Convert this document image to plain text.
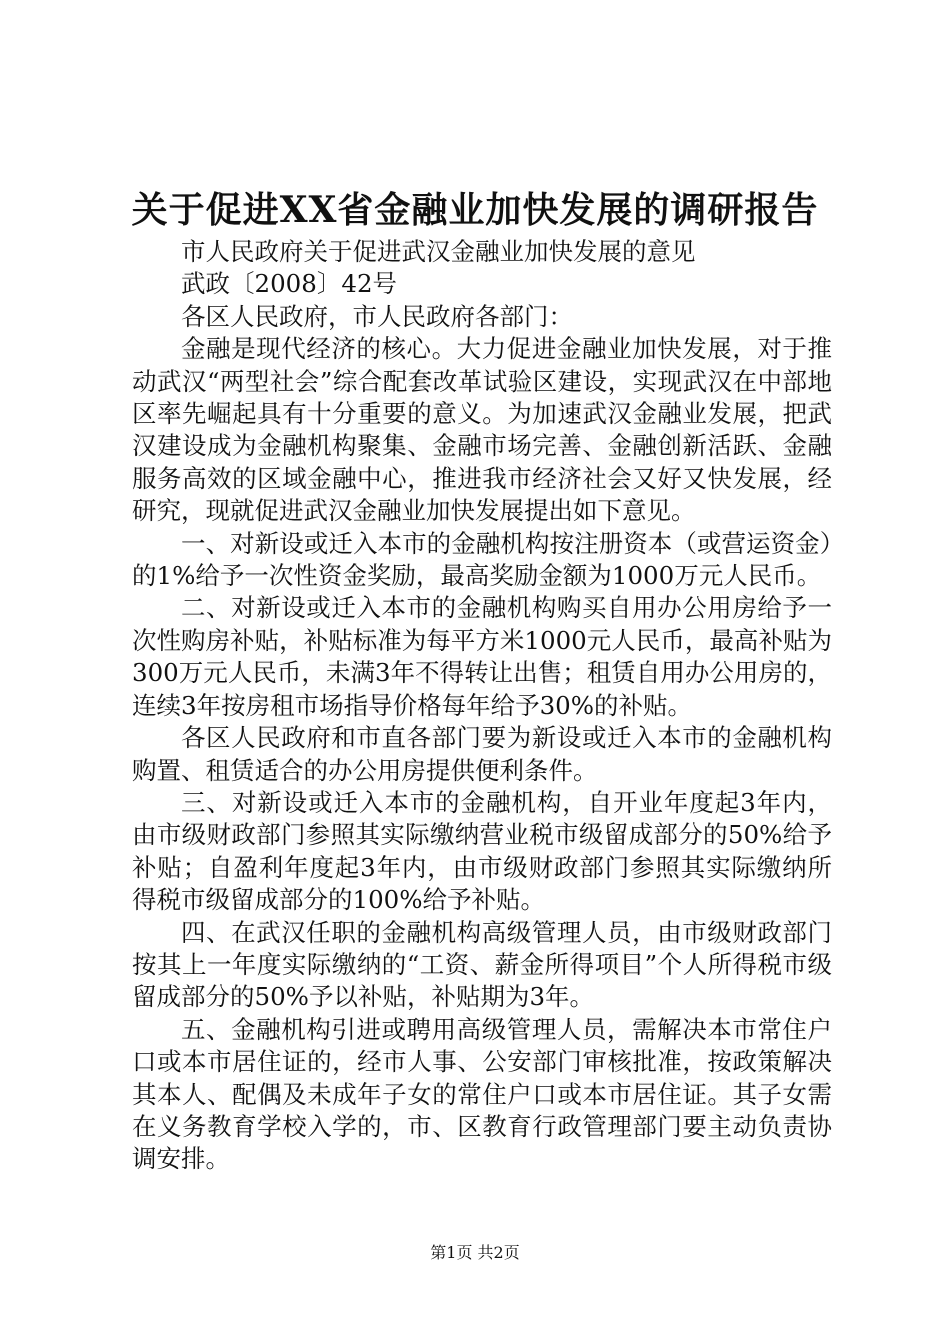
关于促进XX省金融业加快发展的调研报告

市人民政府关于促进武汉金融业加快发展的意见

武政〔2008〕42号

各区人民政府，市人民政府各部门：

金融是现代经济的核心。大力促进金融业加快发展，对于推动武汉“两型社会”综合配套改革试验区建设，实现武汉在中部地区率先崛起具有十分重要的意义。为加速武汉金融业发展，把武汉建设成为金融机构聚集、金融市场完善、金融创新活跃、金融服务高效的区域金融中心，推进我市经济社会又好又快发展，经研究，现就促进武汉金融业加快发展提出如下意见。

一、对新设或迁入本市的金融机构按注册资本（或营运资金）的1%给予一次性资金奖励，最高奖励金额为1000万元人民币。

二、对新设或迁入本市的金融机构购买自用办公用房给予一次性购房补贴，补贴标准为每平方米1000元人民币，最高补贴为300万元人民币，未满3年不得转让出售；租赁自用办公用房的，连续3年按房租市场指导价格每年给予30%的补贴。

各区人民政府和市直各部门要为新设或迁入本市的金融机构购置、租赁适合的办公用房提供便利条件。

三、对新设或迁入本市的金融机构，自开业年度起3年内，由市级财政部门参照其实际缴纳营业税市级留成部分的50%给予补贴；自盈利年度起3年内，由市级财政部门参照其实际缴纳所得税市级留成部分的100%给予补贴。

四、在武汉任职的金融机构高级管理人员，由市级财政部门按其上一年度实际缴纳的“工资、薪金所得项目”个人所得税市级留成部分的50%予以补贴，补贴期为3年。

五、金融机构引进或聘用高级管理人员，需解决本市常住户口或本市居住证的，经市人事、公安部门审核批准，按政策解决其本人、配偶及未成年子女的常住户口或本市居住证。其子女需在义务教育学校入学的，市、区教育行政管理部门要主动负责协调安排。

第1页 共2页
